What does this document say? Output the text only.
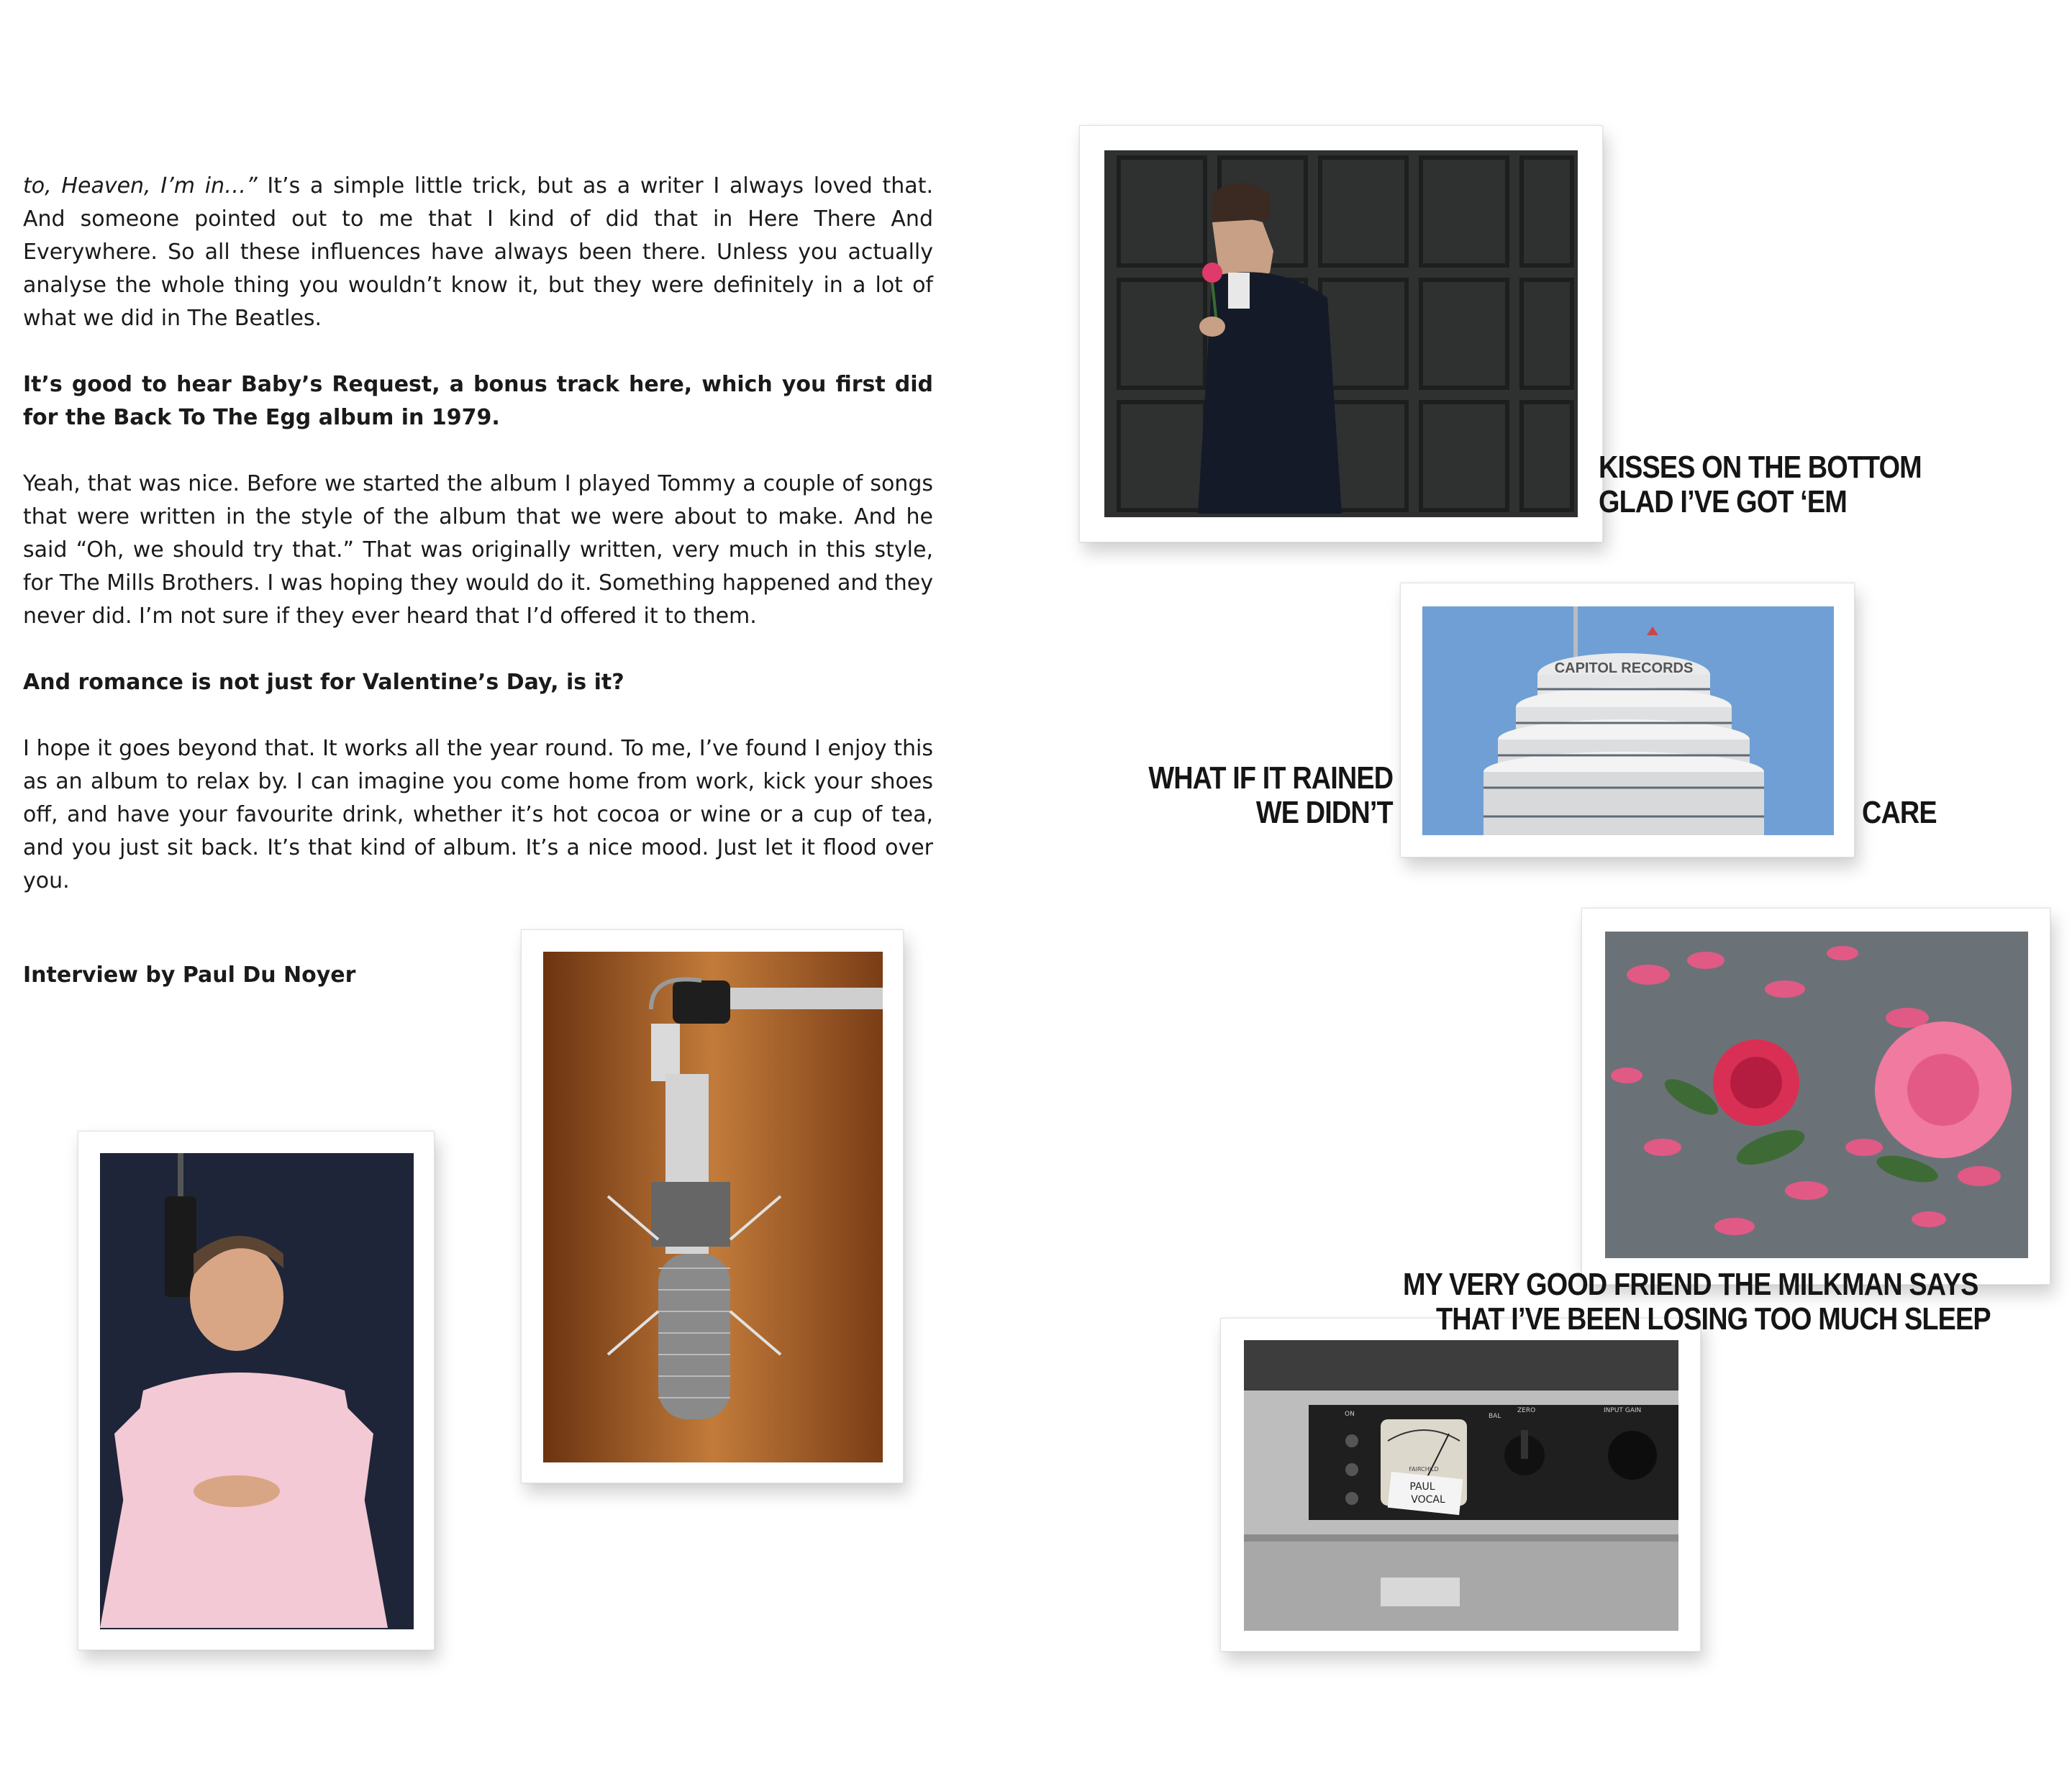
to, Heaven, I’m in…” It’s a simple little trick, but as a writer I always loved that. And someone pointed out to me that I kind of did that in Here There And Everywhere. So all these influences have always been there. Unless you actually analyse the whole thing you wouldn’t know it, but they were definitely in a lot of what we did in The Beatles.

It’s good to hear Baby’s Request, a bonus track here, which you first did for the Back To The Egg album in 1979.

Yeah, that was nice. Before we started the album I played Tommy a couple of songs that were written in the style of the album that we were about to make. And he said “Oh, we should try that.” That was originally written, very much in this style, for The Mills Brothers. I was hoping they would do it. Something happened and they never did. I’m not sure if they ever heard that I’d offered it to them.

And romance is not just for Valentine’s Day, is it?

I hope it goes beyond that. It works all the year round. To me, I’ve found I enjoy this as an album to relax by. I can imagine you come home from work, kick your shoes off, and have your favourite drink, whether it’s hot cocoa or wine or a cup of tea, and you just sit back. It’s that kind of album. It’s a nice mood. Just let it flood over you.

Interview by Paul Du Noyer
KISSES ON THE BOTTOM
GLAD I’VE GOT ‘EM
CAPITOL RECORDS
WHAT IF IT RAINED
WE DIDN’T	CARE
MY VERY GOOD FRIEND THE MILKMAN SAYS
PAUL
VOCAL
FAIRCHILD
ON	BAL
ZERO	INPUT GAIN
THAT I’VE BEEN LOSING TOO MUCH SLEEP
